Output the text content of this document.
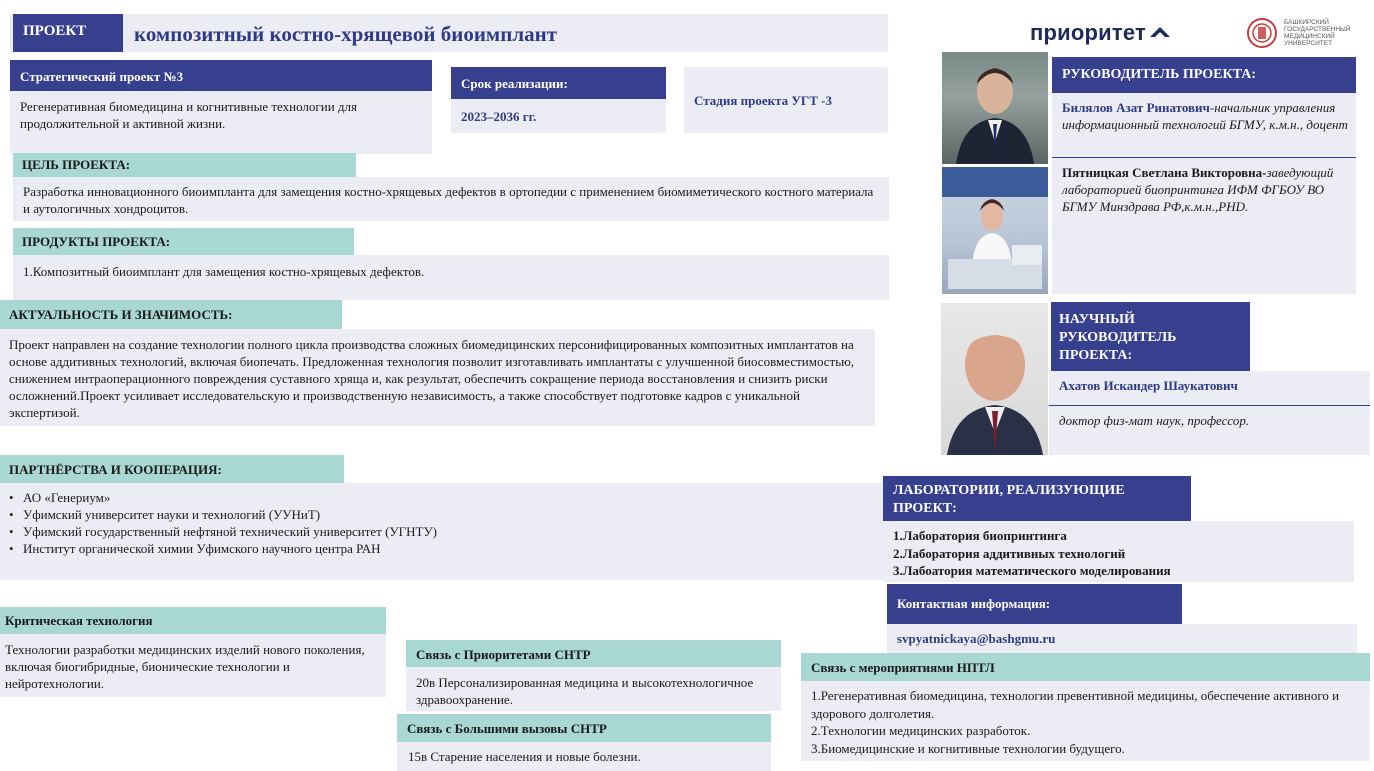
ПРОЕКТ	композитный костно-хрящевой биоимплант	приоритет	БАШКИРСКИЙ
ГОСУДАРСТВЕННЫЙ
МЕДИЦИНСКИЙ
УНИВЕРСИТЕТ
Стратегический проект №3
Регенеративная биомедицина и когнитивные технологии для продолжительной и активной жизни.
Срок реализации:
2023–2036 гг.
Стадия проекта УГТ -3
ЦЕЛЬ ПРОЕКТА:
Разработка инновационного биоимпланта для замещения костно-хрящевых дефектов в ортопедии с применением биомиметического костного материала и аутологичных хондроцитов.
ПРОДУКТЫ ПРОЕКТА:
1.Композитный биоимплант для замещения костно-хрящевых дефектов.
АКТУАЛЬНОСТЬ И ЗНАЧИМОСТЬ:
Проект направлен на создание технологии полного цикла производства сложных биомедицинских персонифицированных композитных имплантатов на основе аддитивных технологий, включая биопечать. Предложенная технология позволит изготавливать имплантаты с улучшенной биосовместимостью, снижением интраоперационного повреждения суставного хряща и, как результат, обеспечить сокращение периода восстановления и снизить риски осложнений.Проект усиливает исследовательскую и производственную независимость, а также способствует подготовке кадров с уникальной экспертизой.
ПАРТНЁРСТВА И КООПЕРАЦИЯ:
• АО «Генериум»
• Уфимский университет науки и технологий (УУНиТ)
• Уфимский государственный нефтяной технический университет (УГНТУ)
• Институт органической химии Уфимского научного центра РАН
Критическая технология
Технологии разработки медицинских изделий нового поколения, включая биогибридные, бионические технологии и нейротехнологии.
Связь с Приоритетами СНТР
20в Персонализированная медицина и высокотехнологичное здравоохранение.
Связь с Большими вызовы СНТР
15в Старение населения и новые болезни.
РУКОВОДИТЕЛЬ ПРОЕКТА:
Билялов Азат Ринатович-начальник управления информационный технологий БГМУ, к.м.н., доцент
Пятницкая Светлана Викторовна-заведующий лабораторией биопринтинга ИФМ ФГБОУ ВО БГМУ Минздрава РФ,к.м.н.,PHD.
НАУЧНЫЙ РУКОВОДИТЕЛЬ ПРОЕКТА:
Ахатов Искандер Шаукатович
доктор физ-мат наук, профессор.
ЛАБОРАТОРИИ, РЕАЛИЗУЮЩИЕ ПРОЕКТ:
1.Лаборатория биопринтинга
2.Лаборатория аддитивных технологий
3.Лабоатория математического моделирования
Контактная информация:
svpyatnickaya@bashgmu.ru
Связь с мероприятиями НПТЛ
1.Регенеративная биомедицина, технологии превентивной медицины, обеспечение активного и здорового долголетия.
2.Технологии медицинских разработок.
3.Биомедицинские и когнитивные технологии будущего.
